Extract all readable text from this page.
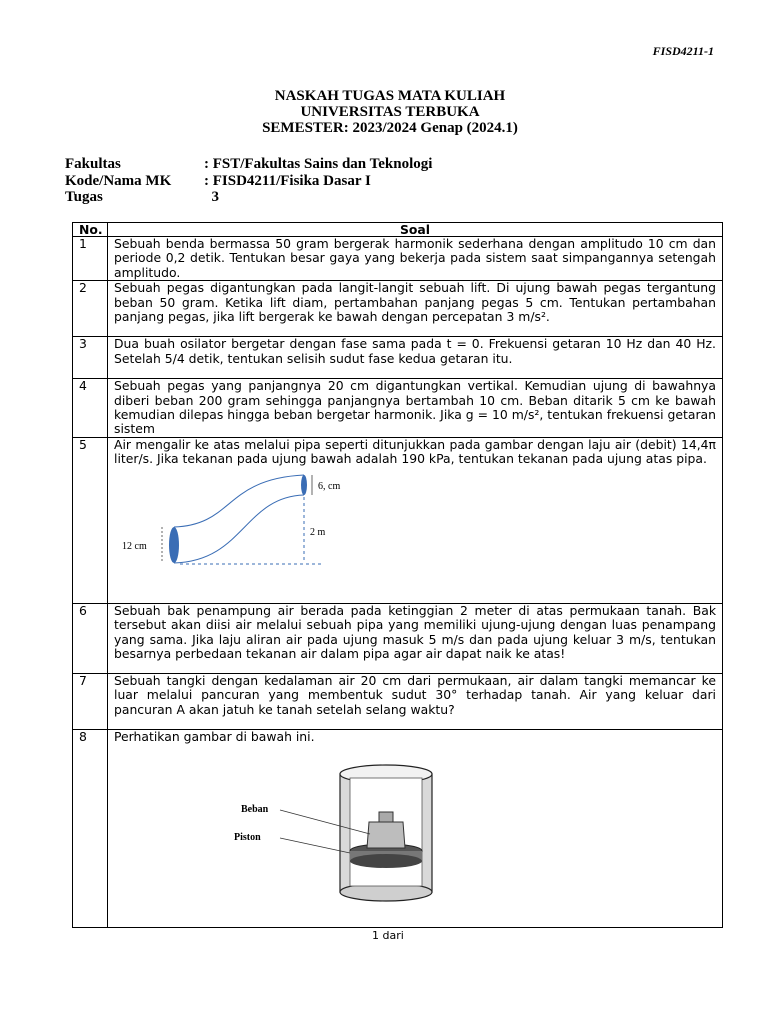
FISD4211-1
NASKAH TUGAS MATA KULIAH
UNIVERSITAS TERBUKA
SEMESTER: 2023/2024 Genap (2024.1)
Fakultas	: FST/Fakultas Sains dan Teknologi
Kode/Nama MK	: FISD4211/Fisika Dasar I
Tugas	3
No.	Soal
1	Sebuah benda bermassa 50 gram bergerak harmonik sederhana dengan amplitudo 10 cm dan periode 0,2 detik. Tentukan besar gaya yang bekerja pada sistem saat simpangannya setengah amplitudo.
2	Sebuah pegas digantungkan pada langit-langit sebuah lift. Di ujung bawah pegas tergantung beban 50 gram. Ketika lift diam, pertambahan panjang pegas 5 cm. Tentukan pertambahan panjang pegas, jika lift bergerak ke bawah dengan percepatan 3 m/s².
3	Dua buah osilator bergetar dengan fase sama pada t = 0. Frekuensi getaran 10 Hz dan 40 Hz. Setelah 5/4 detik, tentukan selisih sudut fase kedua getaran itu.
4	Sebuah pegas yang panjangnya 20 cm digantungkan vertikal. Kemudian ujung di bawahnya diberi beban 200 gram sehingga panjangnya bertambah 10 cm. Beban ditarik 5 cm ke bawah kemudian dilepas hingga beban bergetar harmonik. Jika g = 10 m/s², tentukan frekuensi getaran sistem
5	Air mengalir ke atas melalui pipa seperti ditunjukkan pada gambar dengan laju air (debit) 14,4π liter/s. Jika tekanan pada ujung bawah adalah 190 kPa, tentukan tekanan pada ujung atas pipa.
6, cm
2 m
12 cm

6	Sebuah bak penampung air berada pada ketinggian 2 meter di atas permukaan tanah. Bak tersebut akan diisi air melalui sebuah pipa yang memiliki ujung-ujung dengan luas penampang yang sama. Jika laju aliran air pada ujung masuk 5 m/s dan pada ujung keluar 3 m/s, tentukan besarnya perbedaan tekanan air dalam pipa agar air dapat naik ke atas!
7	Sebuah tangki dengan kedalaman air 20 cm dari permukaan, air dalam tangki memancar ke luar melalui pancuran yang membentuk sudut 30° terhadap tanah. Air yang keluar dari pancuran A akan jatuh ke tanah setelah selang waktu?
8	Perhatikan gambar di bawah ini.
Beban
Piston
1 dari
